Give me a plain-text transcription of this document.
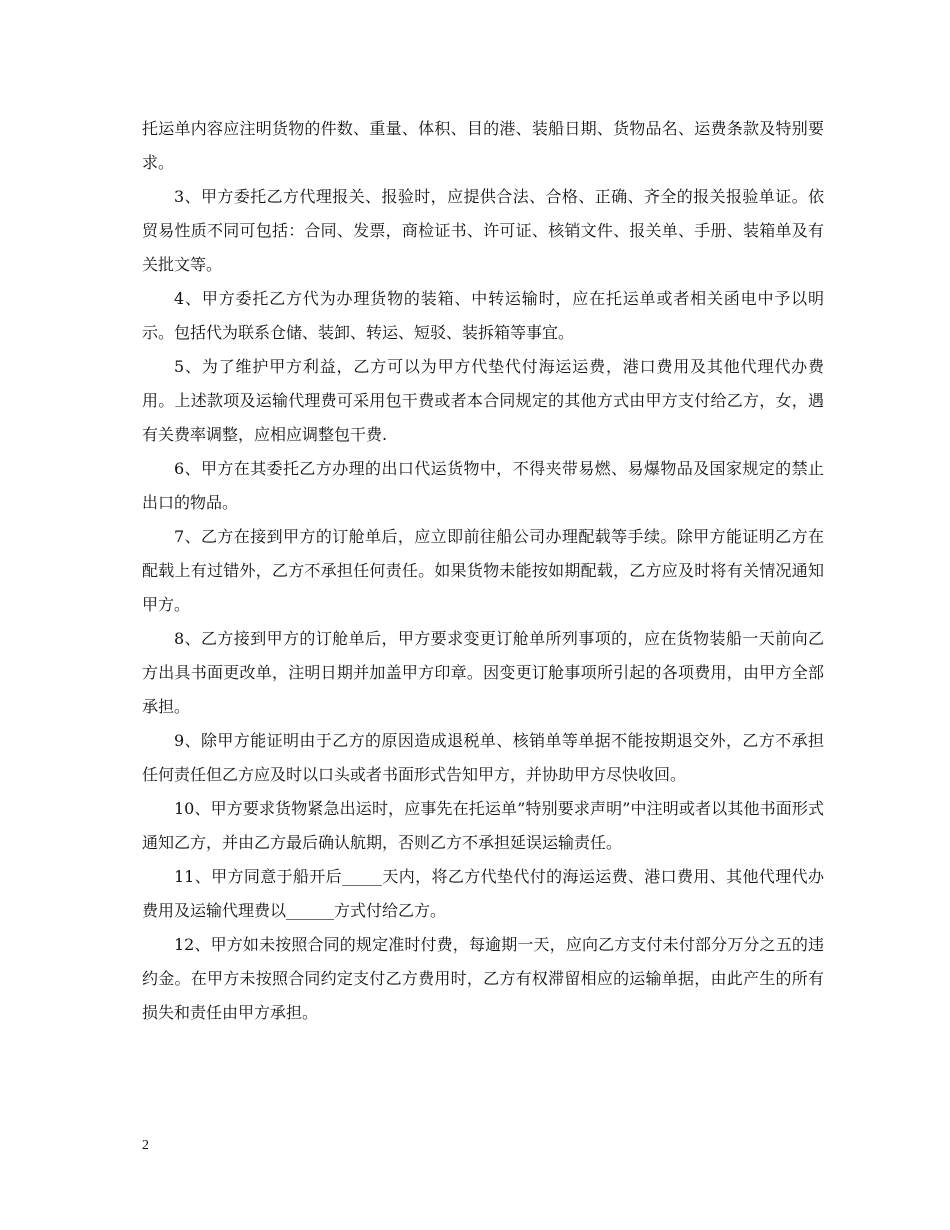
托运单内容应注明货物的件数、重量、体积、目的港、装船日期、货物品名、运费条款及特别要求。

3、甲方委托乙方代理报关、报验时，应提供合法、合格、正确、齐全的报关报验单证。依贸易性质不同可包括：合同、发票，商检证书、许可证、核销文件、报关单、手册、装箱单及有关批文等。

4、甲方委托乙方代为办理货物的装箱、中转运输时，应在托运单或者相关函电中予以明示。包括代为联系仓储、装卸、转运、短驳、装拆箱等事宜。

5、为了维护甲方利益，乙方可以为甲方代垫代付海运运费，港口费用及其他代理代办费用。上述款项及运输代理费可采用包干费或者本合同规定的其他方式由甲方支付给乙方，女，遇有关费率调整，应相应调整包干费.

6、甲方在其委托乙方办理的出口代运货物中，不得夹带易燃、易爆物品及国家规定的禁止出口的物品。

7、乙方在接到甲方的订舱单后，应立即前往船公司办理配载等手续。除甲方能证明乙方在配载上有过错外，乙方不承担任何责任。如果货物未能按如期配载，乙方应及时将有关情况通知甲方。

8、乙方接到甲方的订舱单后，甲方要求变更订舱单所列事项的，应在货物装船一天前向乙方出具书面更改单，注明日期并加盖甲方印章。因变更订舱事项所引起的各项费用，由甲方全部承担。

9、除甲方能证明由于乙方的原因造成退税单、核销单等单据不能按期退交外，乙方不承担任何责任但乙方应及时以口头或者书面形式告知甲方，并协助甲方尽快收回。

10、甲方要求货物紧急出运时，应事先在托运单”特别要求声明”中注明或者以其他书面形式通知乙方，并由乙方最后确认航期，否则乙方不承担延误运输责任。

11、甲方同意于船开后_____天内，将乙方代垫代付的海运运费、港口费用、其他代理代办费用及运输代理费以______方式付给乙方。

12、甲方如未按照合同的规定准时付费，每逾期一天，应向乙方支付未付部分万分之五的违约金。在甲方未按照合同约定支付乙方费用时，乙方有权滞留相应的运输单据，由此产生的所有损失和责任由甲方承担。

2
